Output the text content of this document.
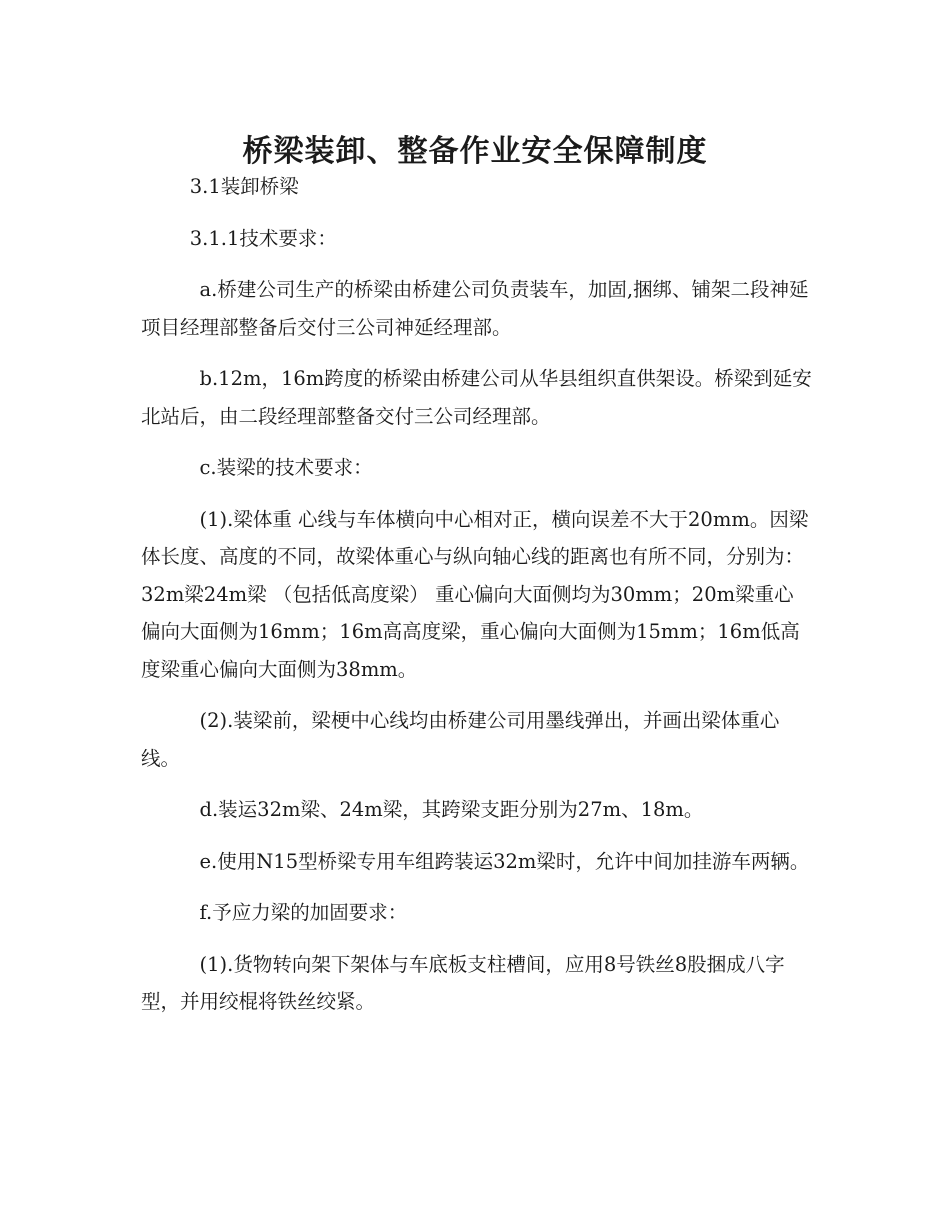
桥梁装卸、整备作业安全保障制度

3.1装卸桥梁

3.1.1技术要求：

a.桥建公司生产的桥梁由桥建公司负责装车，加固,捆绑、铺架二段神延项目经理部整备后交付三公司神延经理部。

b.12m，16m跨度的桥梁由桥建公司从华县组织直供架设。桥梁到延安北站后，由二段经理部整备交付三公司经理部。

c.装梁的技术要求：

(1).梁体重 心线与车体横向中心相对正，横向误差不大于20mm。因梁体长度、高度的不同，故梁体重心与纵向轴心线的距离也有所不同，分别为：32m梁24m梁 （包括低高度梁） 重心偏向大面侧均为30mm；20m梁重心偏向大面侧为16mm；16m高高度梁，重心偏向大面侧为15mm；16m低高度梁重心偏向大面侧为38mm。

(2).装梁前，梁梗中心线均由桥建公司用墨线弹出，并画出梁体重心线。

d.装运32m梁、24m梁，其跨梁支距分别为27m、18m。

e.使用N15型桥梁专用车组跨装运32m梁时，允许中间加挂游车两辆。

f.予应力梁的加固要求：

(1).货物转向架下架体与车底板支柱槽间，应用8号铁丝8股捆成八字型，并用绞棍将铁丝绞紧。
